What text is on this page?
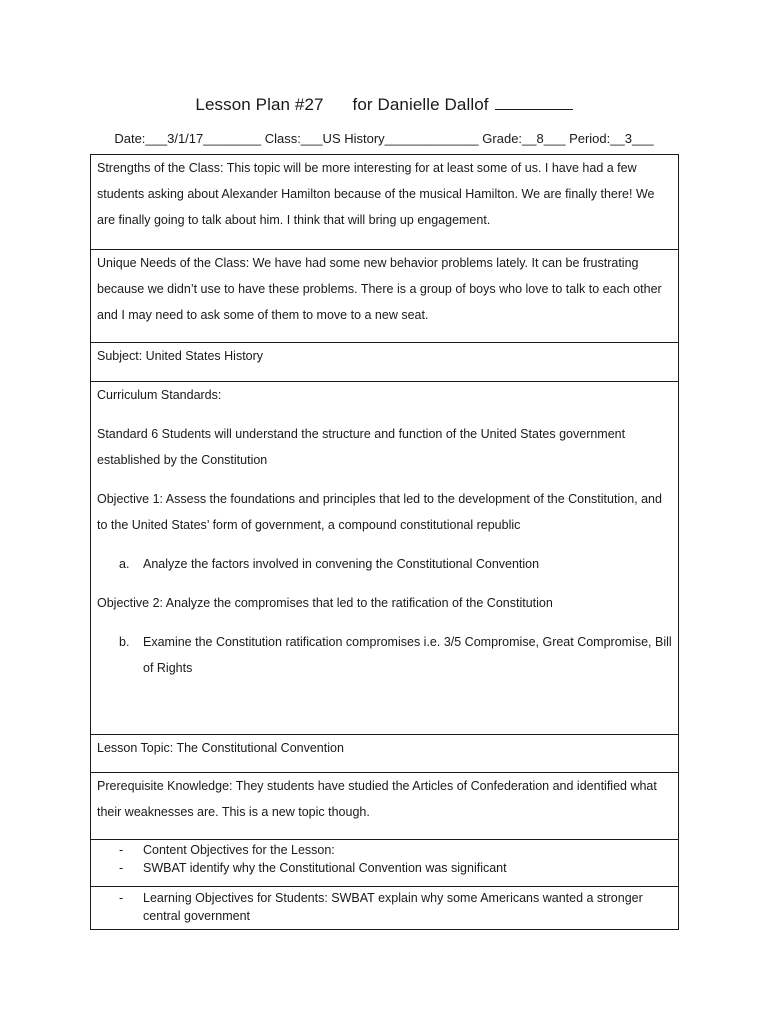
Lesson Plan #27      for Danielle Dallof
Date:___3/1/17________ Class:___US History_____________ Grade:__8___ Period:__3___

Strengths of the Class: This topic will be more interesting for at least some of us. I have had a few students asking about Alexander Hamilton because of the musical Hamilton. We are finally there! We are finally going to talk about him. I think that will bring up engagement.

Unique Needs of the Class: We have had some new behavior problems lately. It can be frustrating because we didn’t use to have these problems. There is a group of boys who love to talk to each other and I may need to ask some of them to move to a new seat.

Subject: United States History

Curriculum Standards:

Standard 6 Students will understand the structure and function of the United States government established by the Constitution

Objective 1: Assess the foundations and principles that led to the development of the Constitution, and to the United States’ form of government, a compound constitutional republic

a. Analyze the factors involved in convening the Constitutional Convention

Objective 2: Analyze the compromises that led to the ratification of the Constitution

b. Examine the Constitution ratification compromises i.e. 3/5 Compromise, Great Compromise, Bill of Rights

Lesson Topic: The Constitutional Convention

Prerequisite Knowledge: They students have studied the Articles of Confederation and identified what their weaknesses are. This is a new topic though.

- Content Objectives for the Lesson:
- SWBAT identify why the Constitutional Convention was significant

- Learning Objectives for Students: SWBAT explain why some Americans wanted a stronger central government
